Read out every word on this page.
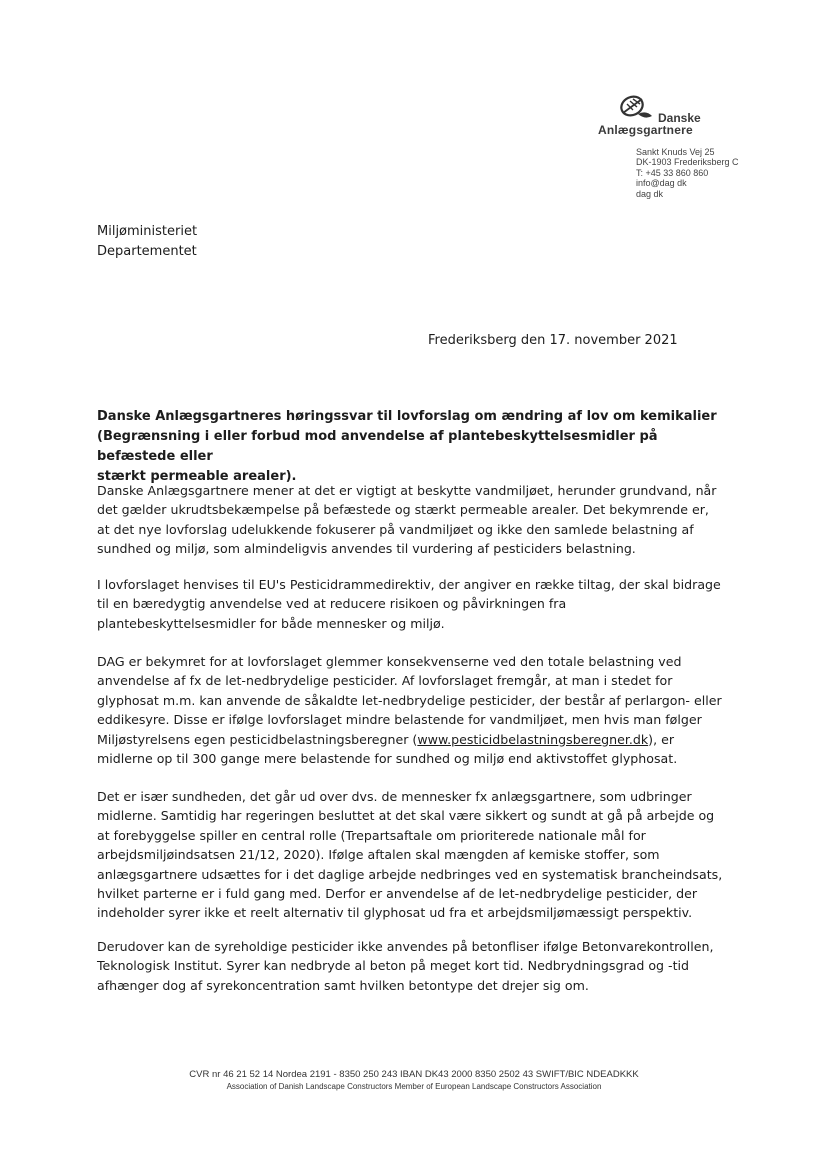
Danske
Anlægsgartnere
Sankt Knuds Vej 25
DK-1903 Frederiksberg C
T: +45 33 860 860
info@dag dk
dag dk
Miljøministeriet
Departementet
Frederiksberg den 17. november 2021
Danske Anlægsgartneres høringssvar til lovforslag om ændring af lov om kemikalier
(Begrænsning i eller forbud mod anvendelse af plantebeskyttelsesmidler på befæstede eller
stærkt permeable arealer).
Danske Anlægsgartnere mener at det er vigtigt at beskytte vandmiljøet, herunder grundvand, når
det gælder ukrudtsbekæmpelse på befæstede og stærkt permeable arealer. Det bekymrende er,
at det nye lovforslag udelukkende fokuserer på vandmiljøet og ikke den samlede belastning af
sundhed og miljø, som almindeligvis anvendes til vurdering af pesticiders belastning.
I lovforslaget henvises til EU's Pesticidrammedirektiv, der angiver en række tiltag, der skal bidrage
til en bæredygtig anvendelse ved at reducere risikoen og påvirkningen fra
plantebeskyttelsesmidler for både mennesker og miljø.
DAG er bekymret for at lovforslaget glemmer konsekvenserne ved den totale belastning ved
anvendelse af fx de let-nedbrydelige pesticider. Af lovforslaget fremgår, at man i stedet for
glyphosat m.m. kan anvende de såkaldte let-nedbrydelige pesticider, der består af perlargon- eller
eddikesyre. Disse er ifølge lovforslaget mindre belastende for vandmiljøet, men hvis man følger
Miljøstyrelsens egen pesticidbelastningsberegner (www.pesticidbelastningsberegner.dk), er
midlerne op til 300 gange mere belastende for sundhed og miljø end aktivstoffet glyphosat.
Det er især sundheden, det går ud over dvs. de mennesker fx anlægsgartnere, som udbringer
midlerne. Samtidig har regeringen besluttet at det skal være sikkert og sundt at gå på arbejde og
at forebyggelse spiller en central rolle (Trepartsaftale om prioriterede nationale mål for
arbejdsmiljøindsatsen 21/12, 2020). Ifølge aftalen skal mængden af kemiske stoffer, som
anlægsgartnere udsættes for i det daglige arbejde nedbringes ved en systematisk brancheindsats,
hvilket parterne er i fuld gang med. Derfor er anvendelse af de let-nedbrydelige pesticider, der
indeholder syrer ikke et reelt alternativ til glyphosat ud fra et arbejdsmiljømæssigt perspektiv.
Derudover kan de syreholdige pesticider ikke anvendes på betonfliser ifølge Betonvarekontrollen,
Teknologisk Institut. Syrer kan nedbryde al beton på meget kort tid. Nedbrydningsgrad og -tid
afhænger dog af syrekoncentration samt hvilken betontype det drejer sig om.
CVR nr 46 21 52 14 Nordea 2191 - 8350 250 243 IBAN DK43 2000 8350 2502 43 SWIFT/BIC NDEADKKK
Association of Danish Landscape Constructors Member of European Landscape Constructors Association
